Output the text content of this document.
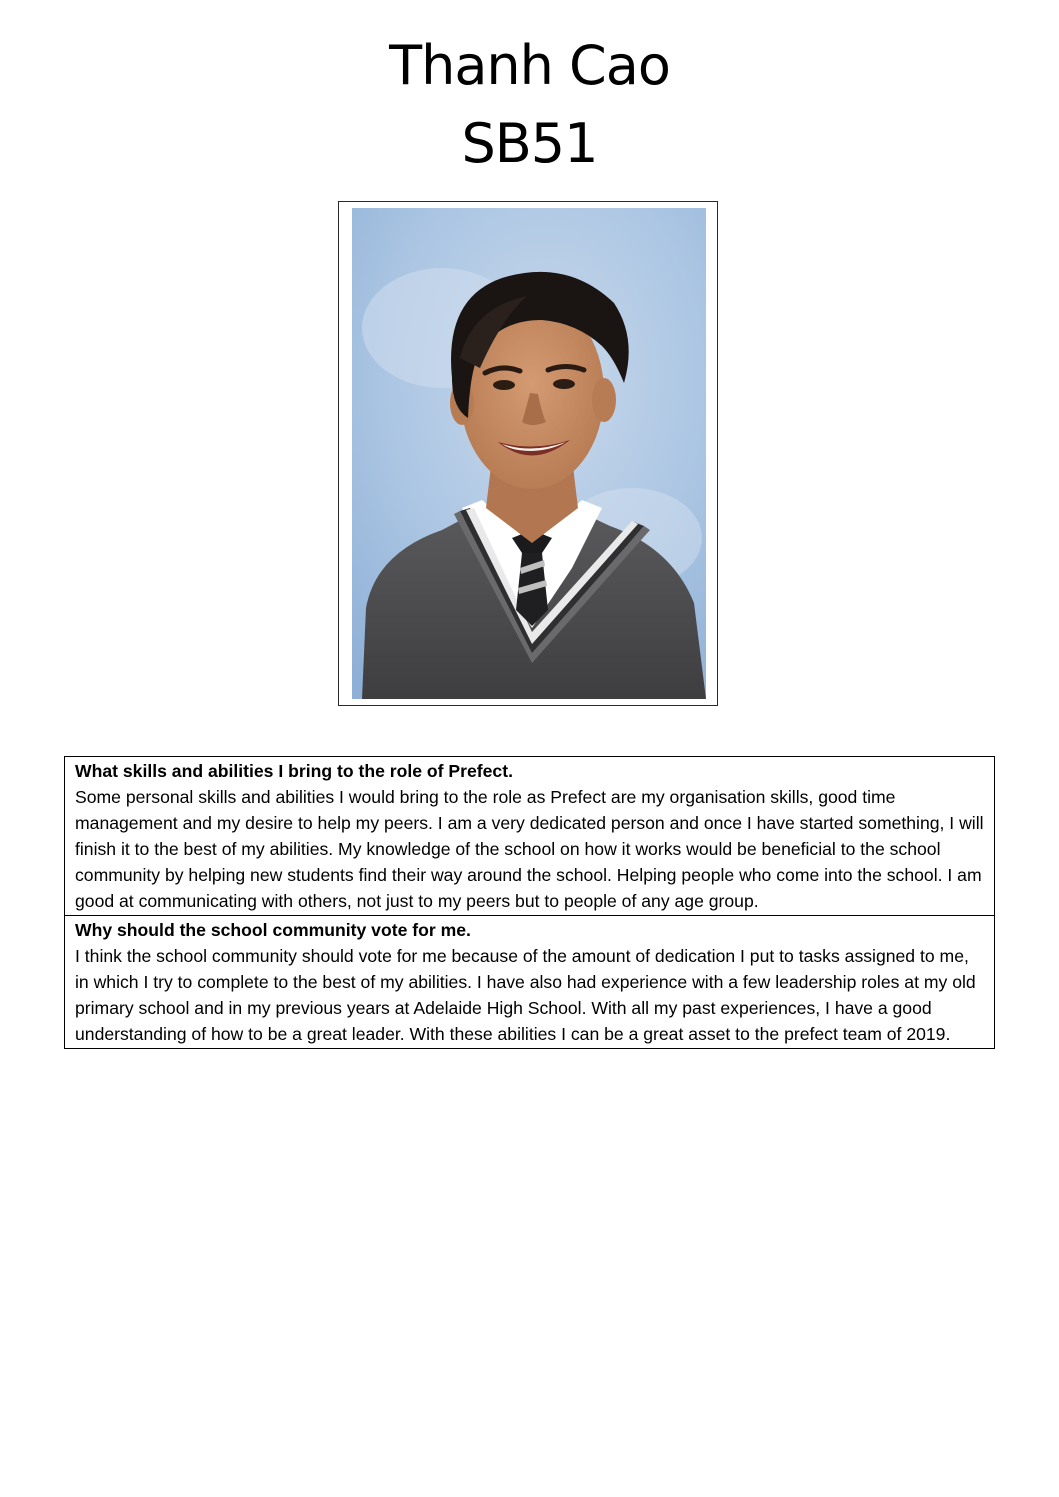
Thanh Cao
SB51
What skills and abilities I bring to the role of Prefect.
Some personal skills and abilities I would bring to the role as Prefect are my organisation skills, good time management and my desire to help my peers. I am a very dedicated person and once I have started something, I will finish it to the best of my abilities. My knowledge of the school on how it works would be beneficial to the school community by helping new students find their way around the school. Helping people who come into the school. I am good at communicating with others, not just to my peers but to people of any age group.
Why should the school community vote for me.
I think the school community should vote for me because of the amount of dedication I put to tasks assigned to me, in which I try to complete to the best of my abilities. I have also had experience with a few leadership roles at my old primary school and in my previous years at Adelaide High School. With all my past experiences, I have a good understanding of how to be a great leader. With these abilities I can be a great asset to the prefect team of 2019.
